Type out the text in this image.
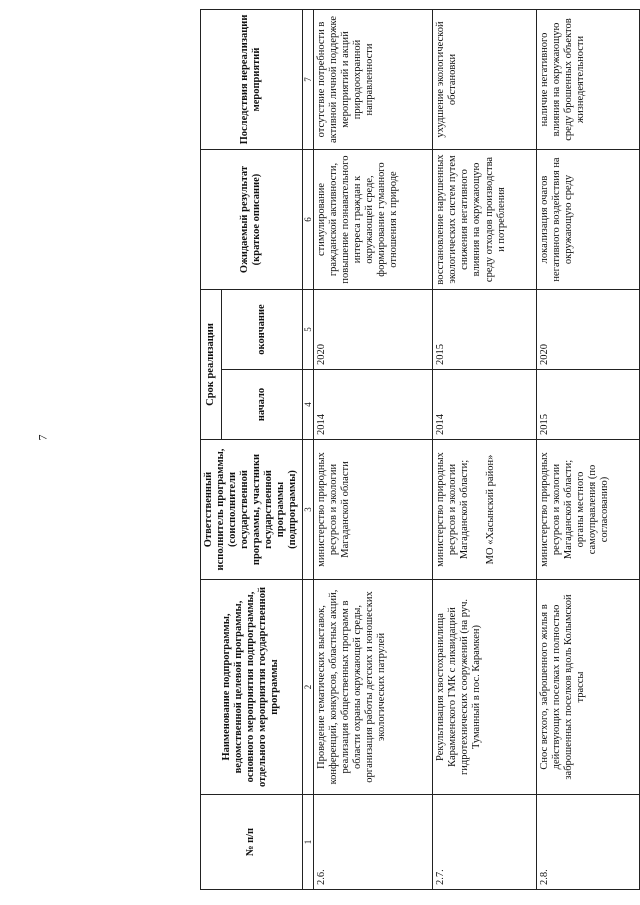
7
№ п/п	Наименование подпрограммы, ведомственной целевой программы, основного мероприятия подпрограммы, отдельного мероприятия государственной программы	Ответственный исполнитель программы, (соисполнители государственной программы, участники государственной программы (подпрограммы)	Срок реализации		Ожидаемый результат (краткое описание)	Последствия нереализации мероприятий
			начало	окончание		
1	2	3	4	5	6	7
2.6.	Проведение тематических выставок, конференций, конкурсов, областных акций, реализация общественных программ в области охраны окружающей среды, организация работы детских и юношеских экологических патрулей	министерство природных ресурсов и экологии Магаданской области	2014	2020	стимулирование гражданской активности, повышение познавательного интереса граждан к окружающей среде, формирование гуманного отношения к природе	отсутствие потребности в активной личной поддержке мероприятий и акций природоохранной направленности
2.7.	Рекультивация хвостохранилища Карамкенского ГМК с ликвидацией гидротехнических сооружений (на руч. Туманный в пос. Карамкен)	министерство природных ресурсов и экологии Магаданской области; МО «Хасынский район»	2014	2015	восстановление нарушенных экологических систем путем снижения негативного влияния на окружающую среду отходов производства и потребления	ухудшение экологической обстановки
2.8.	Снос ветхого, заброшенного жилья в действующих поселках и полностью заброшенных поселков вдоль Колымской трассы	министерство природных ресурсов и экологии Магаданской области; органы местного самоуправления (по согласованию)	2015	2020	локализация очагов негативного воздействия на окружающую среду	наличие негативного влияния на окружающую среду брошенных объектов жизнедеятельности
